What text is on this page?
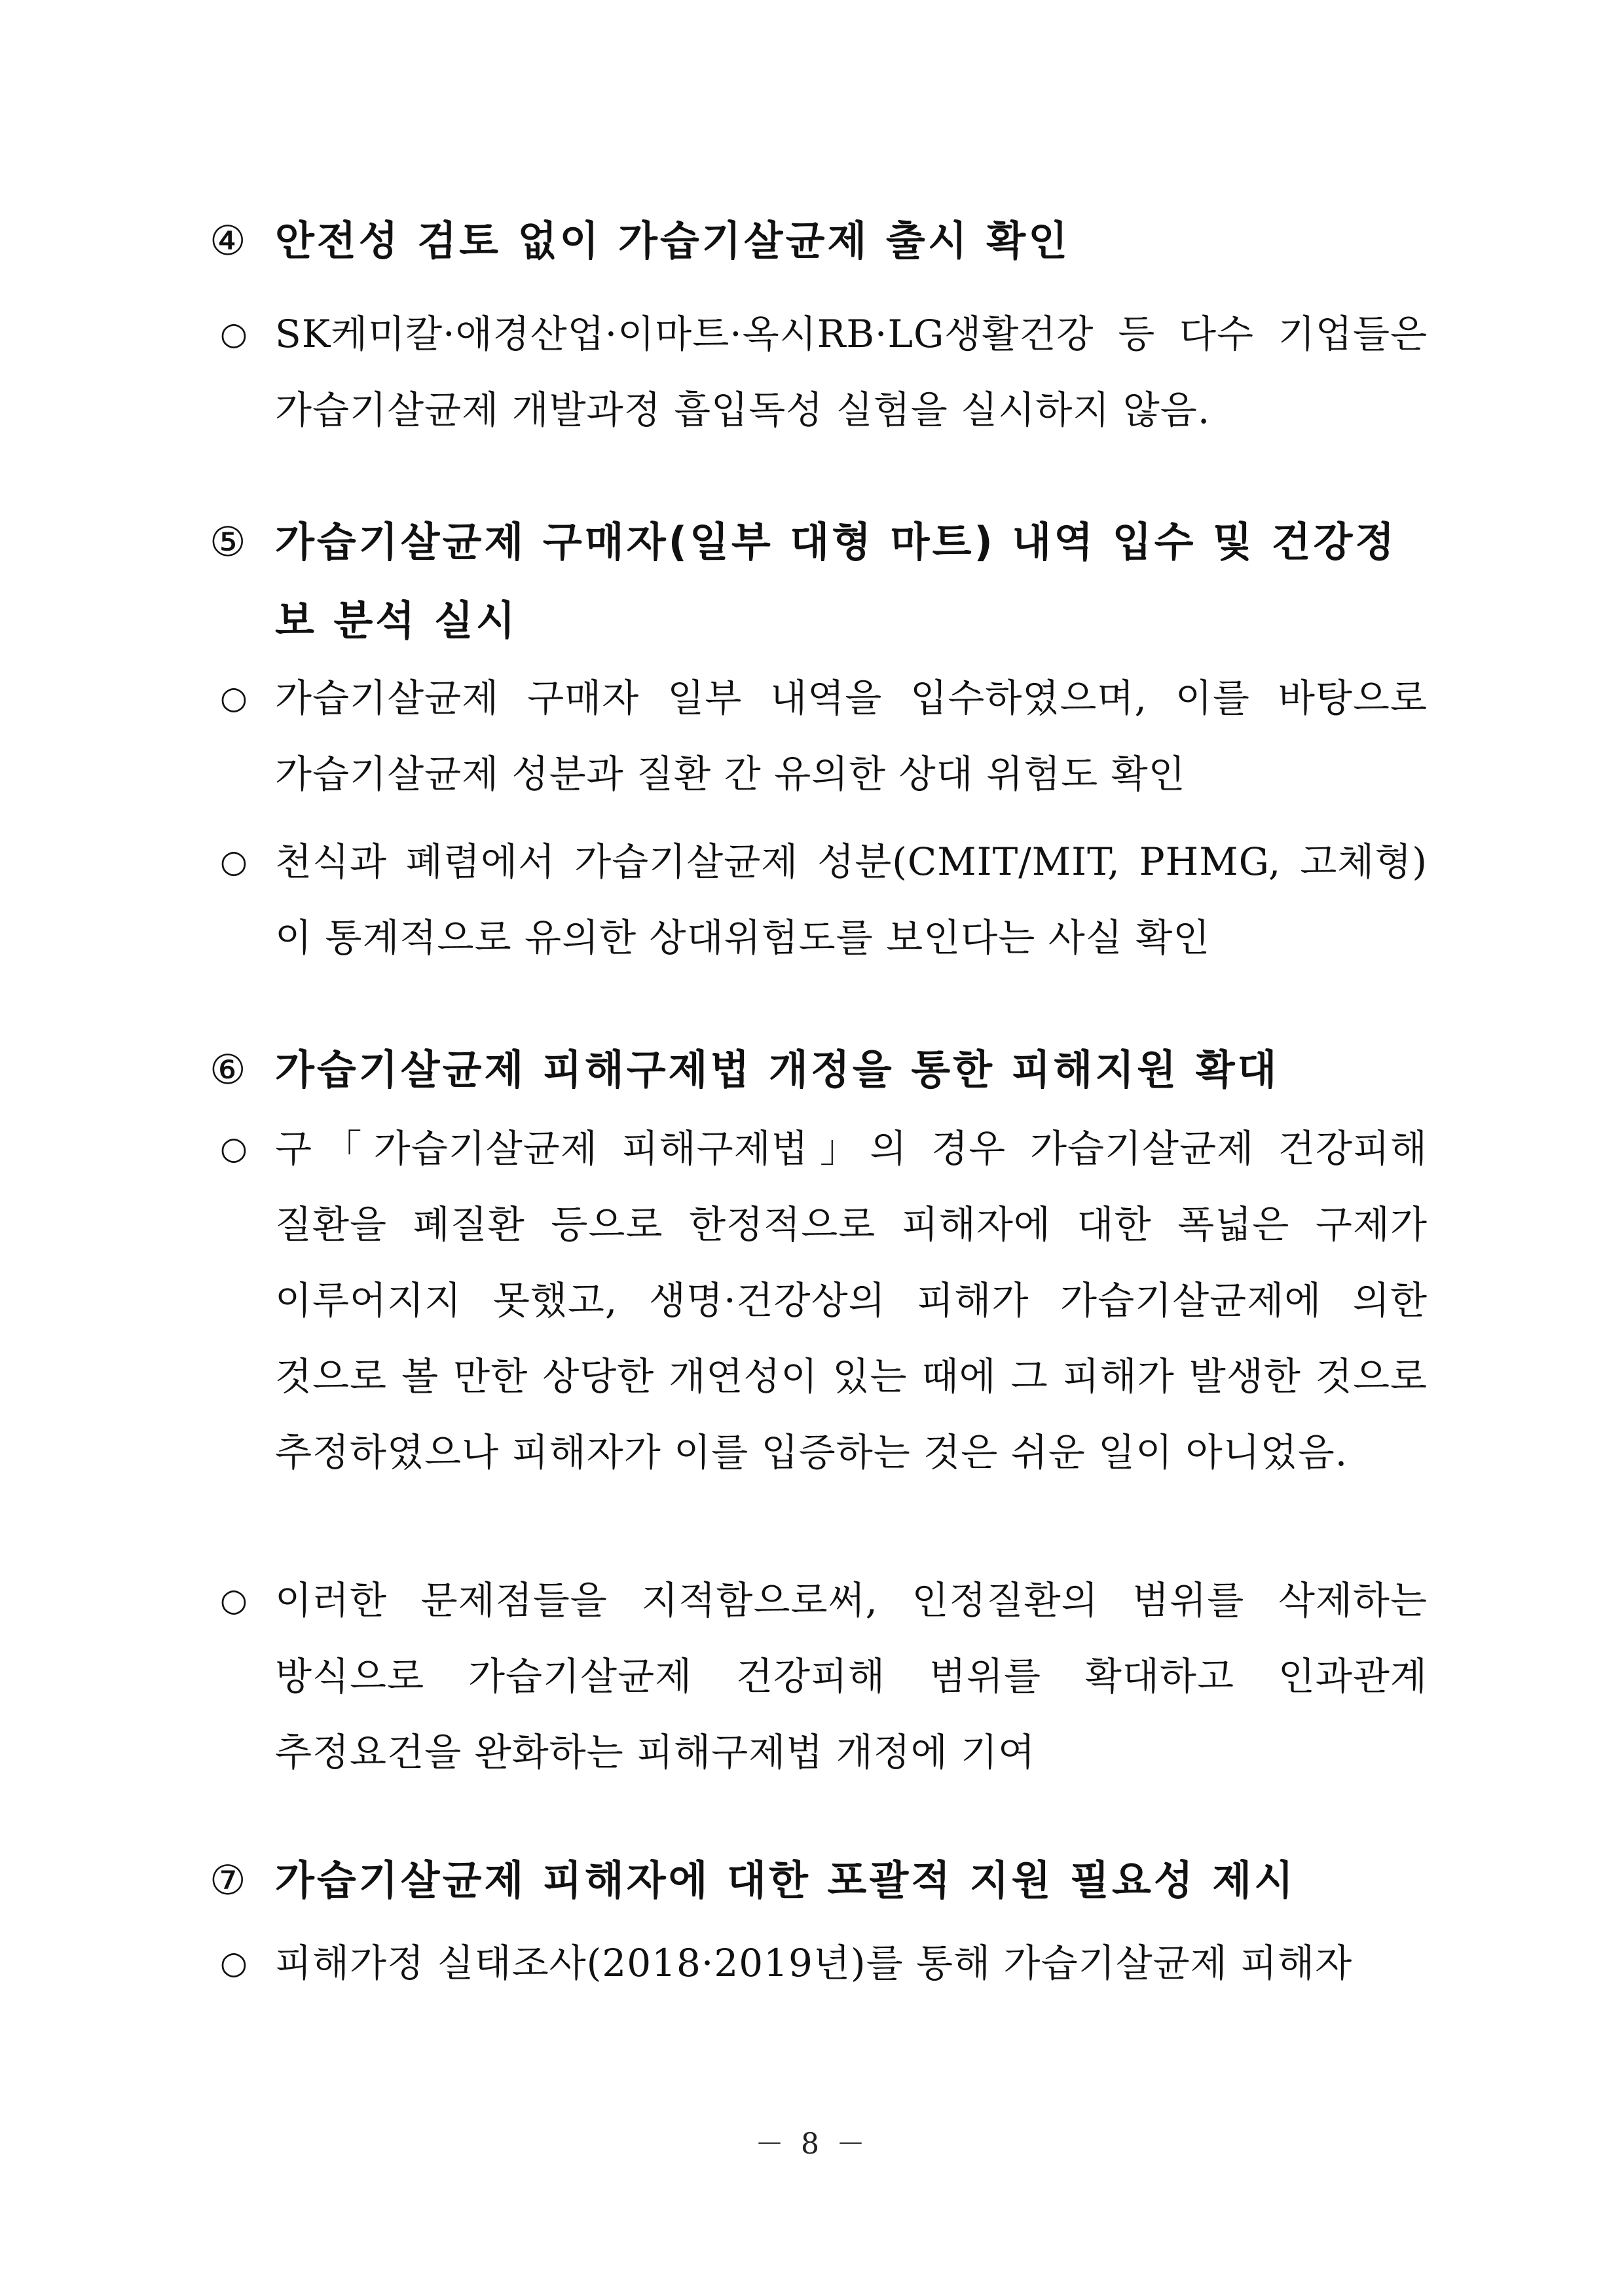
④ 안전성 검토 없이 가습기살균제 출시 확인
○ SK케미칼·애경산업·이마트·옥시RB·LG생활건강 등 다수 기업들은 가습기살균제 개발과정 흡입독성 실험을 실시하지 않음.
⑤ 가습기살균제 구매자(일부 대형 마트) 내역 입수 및 건강정보 분석 실시
○ 가습기살균제 구매자 일부 내역을 입수하였으며, 이를 바탕으로 가습기살균제 성분과 질환 간 유의한 상대 위험도 확인
○ 천식과 폐렴에서 가습기살균제 성분(CMIT/MIT, PHMG, 고체형)이 통계적으로 유의한 상대위험도를 보인다는 사실 확인
⑥ 가습기살균제 피해구제법 개정을 통한 피해지원 확대
○ 구「가습기살균제 피해구제법」의 경우 가습기살균제 건강피해 질환을 폐질환 등으로 한정적으로 피해자에 대한 폭넓은 구제가 이루어지지 못했고, 생명·건강상의 피해가 가습기살균제에 의한 것으로 볼 만한 상당한 개연성이 있는 때에 그 피해가 발생한 것으로 추정하였으나 피해자가 이를 입증하는 것은 쉬운 일이 아니었음.
○ 이러한 문제점들을 지적함으로써, 인정질환의 범위를 삭제하는 방식으로 가습기살균제 건강피해 범위를 확대하고 인과관계 추정요건을 완화하는 피해구제법 개정에 기여
⑦ 가습기살균제 피해자에 대한 포괄적 지원 필요성 제시
○ 피해가정 실태조사(2018·2019년)를 통해 가습기살균제 피해자
－ 8 －
